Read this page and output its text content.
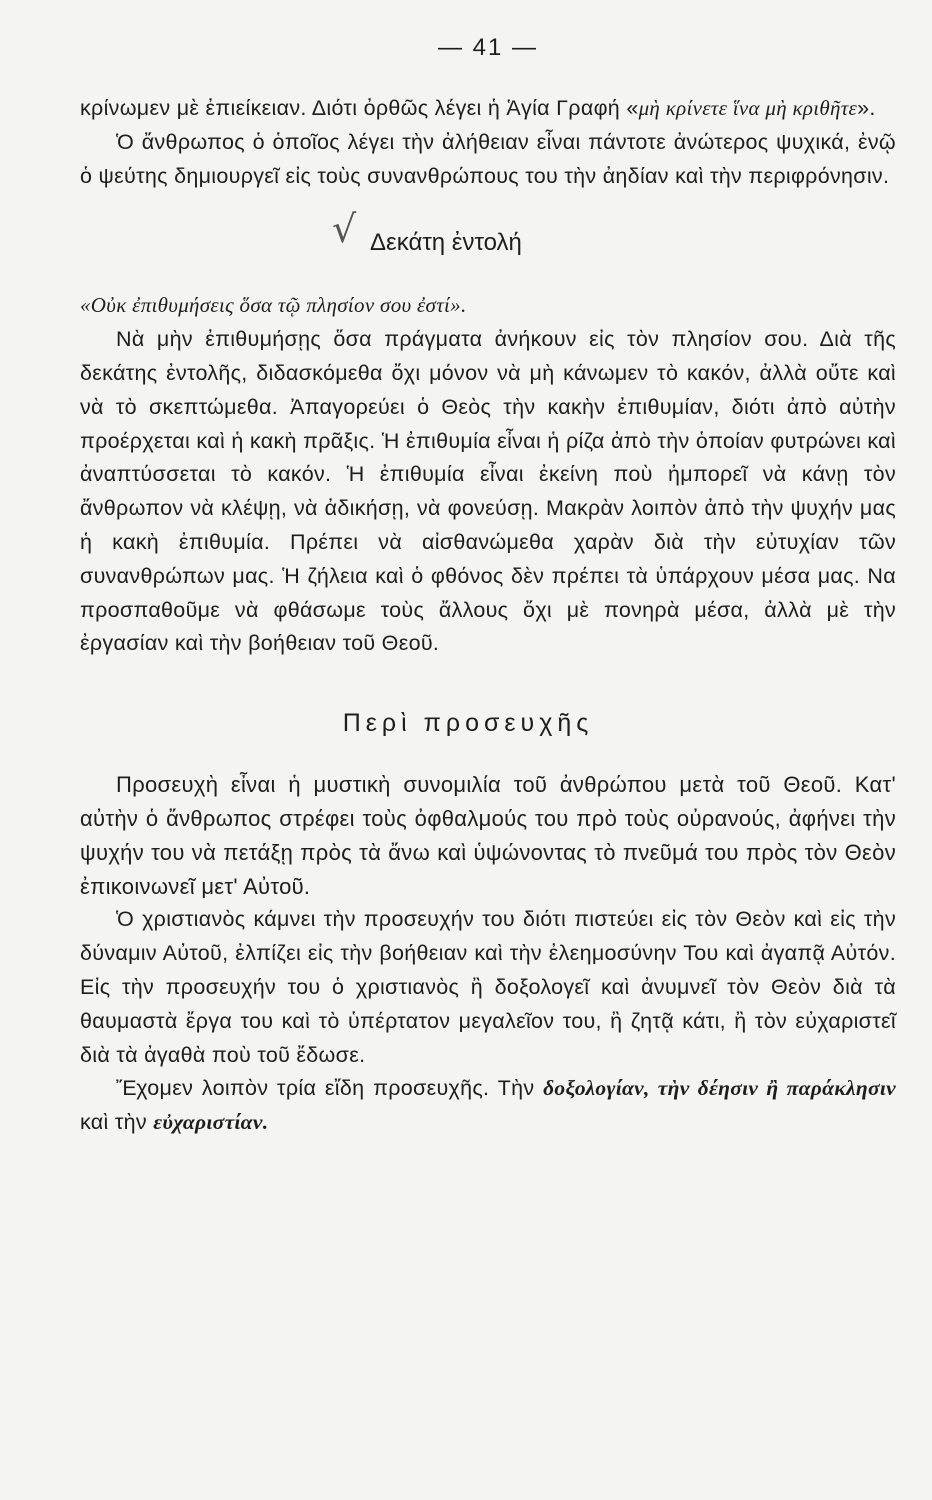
— 41 —

κρίνωμεν μὲ ἐπιείκειαν. Διότι ὀρθῶς λέγει ἡ Ἁγία Γραφή «μὴ κρίνετε ἵνα μὴ κριθῆτε».

Ὁ ἄνθρωπος ὁ ὁποῖος λέγει τὴν ἀλήθειαν εἶναι πάντοτε ἀνώτερος ψυχικά, ἐνῷ ὁ ψεύτης δημιουργεῖ εἰς τοὺς συνανθρώπους του τὴν ἀηδίαν καὶ τὴν περιφρόνησιν.

√ Δεκάτη ἐντολή

«Οὐκ ἐπιθυμήσεις ὅσα τῷ πλησίον σου ἐστί».

Νὰ μὴν ἐπιθυμήσῃς ὅσα πράγματα ἀνήκουν εἰς τὸν πλησίον σου. Διὰ τῆς δεκάτης ἐντολῆς, διδασκόμεθα ὄχι μόνον νὰ μὴ κάνωμεν τὸ κακόν, ἀλλὰ οὔτε καὶ νὰ τὸ σκεπτώμεθα. Ἀπαγορεύει ὁ Θεὸς τὴν κακὴν ἐπιθυμίαν, διότι ἀπὸ αὐτὴν προέρχεται καὶ ἡ κακὴ πρᾶξις. Ἡ ἐπιθυμία εἶναι ἡ ρίζα ἀπὸ τὴν ὁποίαν φυτρώνει καὶ ἀναπτύσσεται τὸ κακόν. Ἡ ἐπιθυμία εἶναι ἐκείνη ποὺ ἠμπορεῖ νὰ κάνῃ τὸν ἄνθρωπον νὰ κλέψῃ, νὰ ἀδικήσῃ, νὰ φονεύσῃ. Μακρὰν λοιπὸν ἀπὸ τὴν ψυχήν μας ἡ κακὴ ἐπιθυμία. Πρέπει νὰ αἰσθανώμεθα χαρὰν διὰ τὴν εὐτυχίαν τῶν συνανθρώπων μας. Ἡ ζήλεια καὶ ὁ φθόνος δὲν πρέπει τὰ ὑπάρχουν μέσα μας. Να προσπαθοῦμε νὰ φθάσωμε τοὺς ἄλλους ὄχι μὲ πονηρὰ μέσα, ἀλλὰ μὲ τὴν ἐργασίαν καὶ τὴν βοήθειαν τοῦ Θεοῦ.

Περὶ προσευχῆς

Προσευχὴ εἶναι ἡ μυστικὴ συνομιλία τοῦ ἀνθρώπου μετὰ τοῦ Θεοῦ. Κατ' αὐτὴν ὁ ἄνθρωπος στρέφει τοὺς ὀφθαλμούς του πρὸ τοὺς οὐρανούς, ἀφήνει τὴν ψυχήν του νὰ πετάξῃ πρὸς τὰ ἄνω καὶ ὑψώνοντας τὸ πνεῦμά του πρὸς τὸν Θεὸν ἐπικοινωνεῖ μετ' Αὐτοῦ.

Ὁ χριστιανὸς κάμνει τὴν προσευχήν του διότι πιστεύει εἰς τὸν Θεὸν καὶ εἰς τὴν δύναμιν Αὐτοῦ, ἐλπίζει εἰς τὴν βοήθειαν καὶ τὴν ἐλεημοσύνην Του καὶ ἀγαπᾷ Αὐτόν. Εἰς τὴν προσευχήν του ὁ χριστιανὸς ἢ δοξολογεῖ καὶ ἀνυμνεῖ τὸν Θεὸν διὰ τὰ θαυμαστὰ ἔργα του καὶ τὸ ὑπέρτατον μεγαλεῖον του, ἢ ζητᾷ κάτι, ἢ τὸν εὐχαριστεῖ διὰ τὰ ἀγαθὰ ποὺ τοῦ ἔδωσε.

Ἔχομεν λοιπὸν τρία εἴδη προσευχῆς. Τὴν δοξολογίαν, τὴν δέησιν ἢ παράκλησιν καὶ τὴν εὐχαριστίαν.
